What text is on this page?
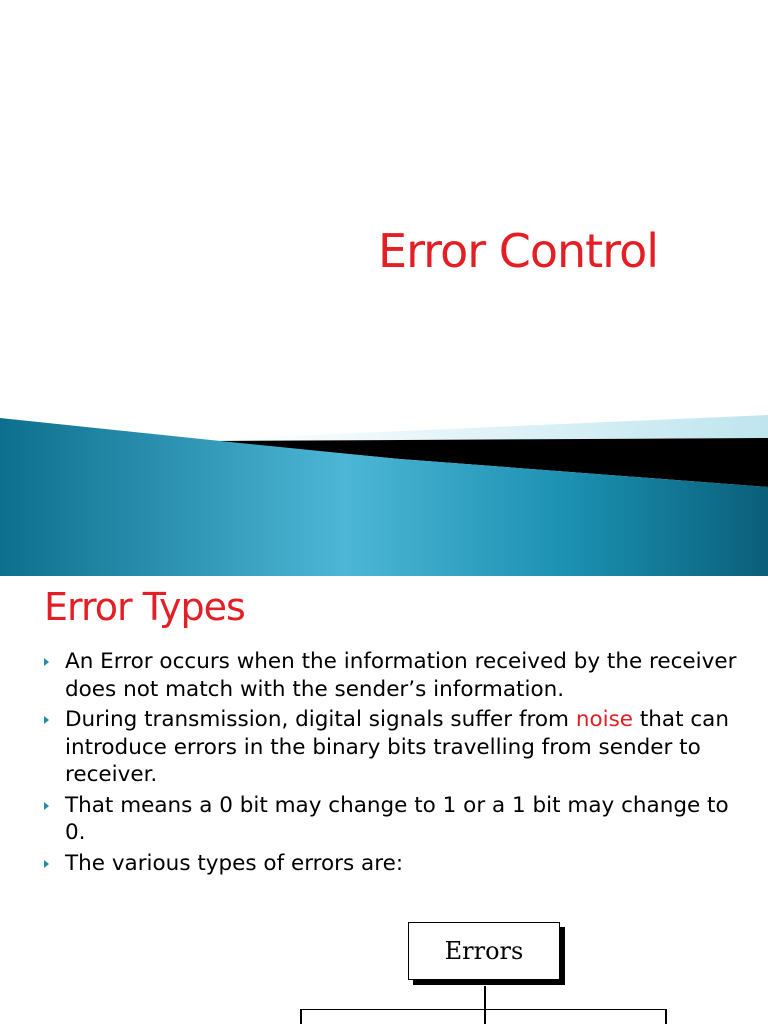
Error Control
Error Types
An Error occurs when the information received by the receiver does not match with the sender’s information.
During transmission, digital signals suffer from noise that can introduce errors in the binary bits travelling from sender to receiver.
That means a 0 bit may change to 1 or a 1 bit may change to 0.
The various types of errors are:
Errors
